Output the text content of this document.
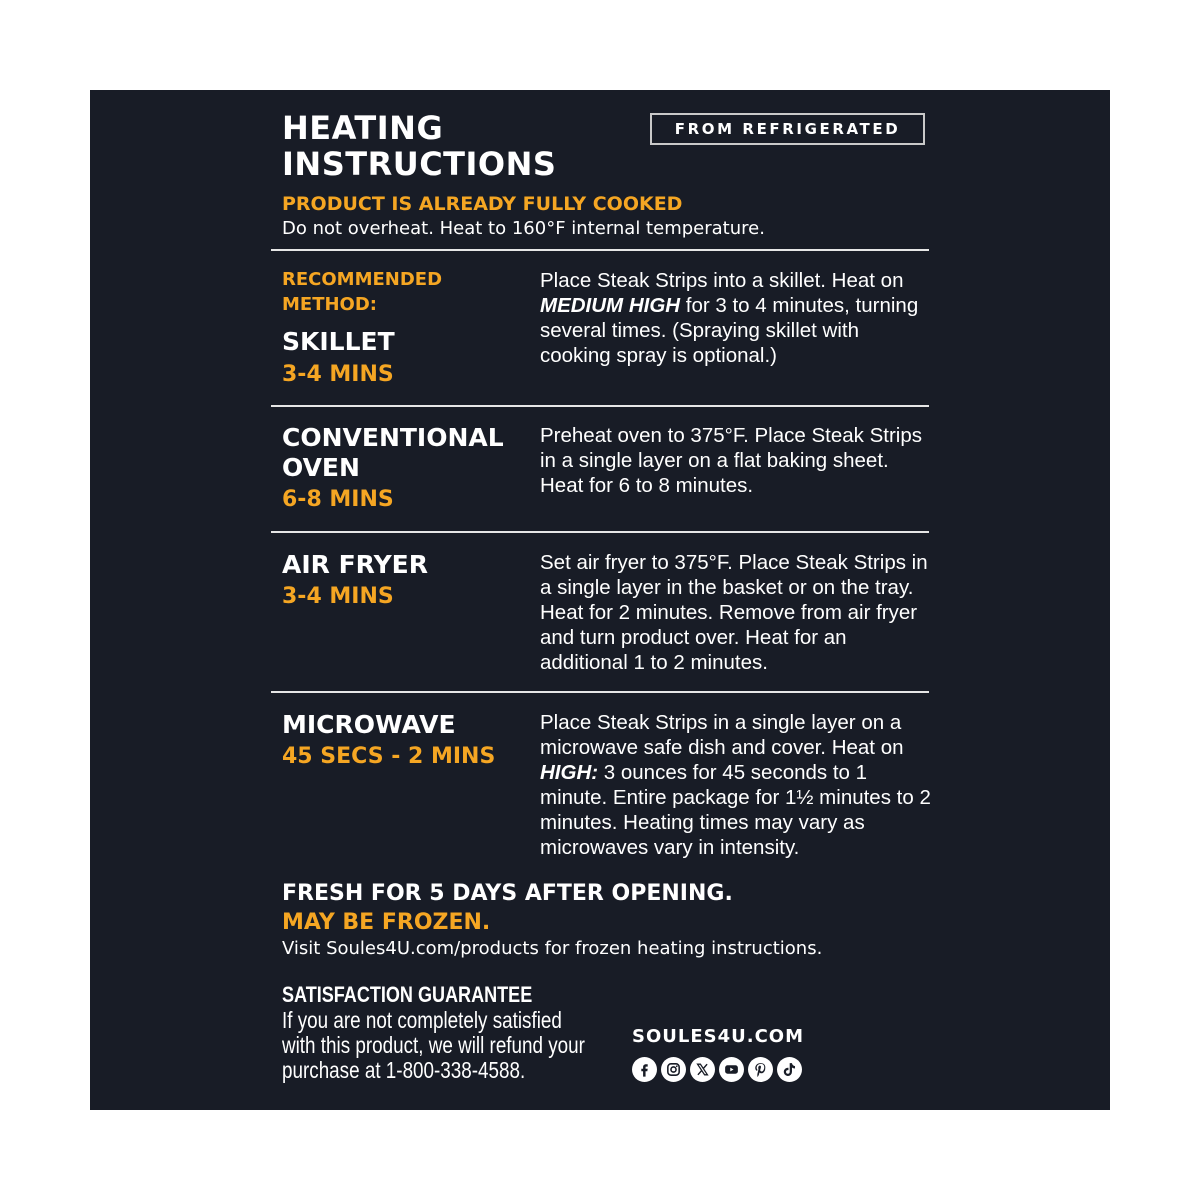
HEATING
INSTRUCTIONS
FROM REFRIGERATED
PRODUCT IS ALREADY FULLY COOKED
Do not overheat. Heat to 160°F internal temperature.
RECOMMENDED
METHOD:
SKILLET
3-4 MINS
Place Steak Strips into a skillet. Heat on MEDIUM HIGH for 3 to 4 minutes, turning several times. (Spraying skillet with cooking spray is optional.)
CONVENTIONAL
OVEN
6-8 MINS
Preheat oven to 375°F. Place Steak Strips in a single layer on a flat baking sheet. Heat for 6 to 8 minutes.
AIR FRYER
3-4 MINS
Set air fryer to 375°F. Place Steak Strips in a single layer in the basket or on the tray. Heat for 2 minutes. Remove from air fryer and turn product over. Heat for an additional 1 to 2 minutes.
MICROWAVE
45 SECS - 2 MINS
Place Steak Strips in a single layer on a microwave safe dish and cover. Heat on HIGH: 3 ounces for 45 seconds to 1 minute. Entire package for 1½ minutes to 2 minutes. Heating times may vary as microwaves vary in intensity.
FRESH FOR 5 DAYS AFTER OPENING.
MAY BE FROZEN.
Visit Soules4U.com/products for frozen heating instructions.
SATISFACTION GUARANTEE
If you are not completely satisfied with this product, we will refund your purchase at 1-800-338-4588.
SOULES4U.COM
